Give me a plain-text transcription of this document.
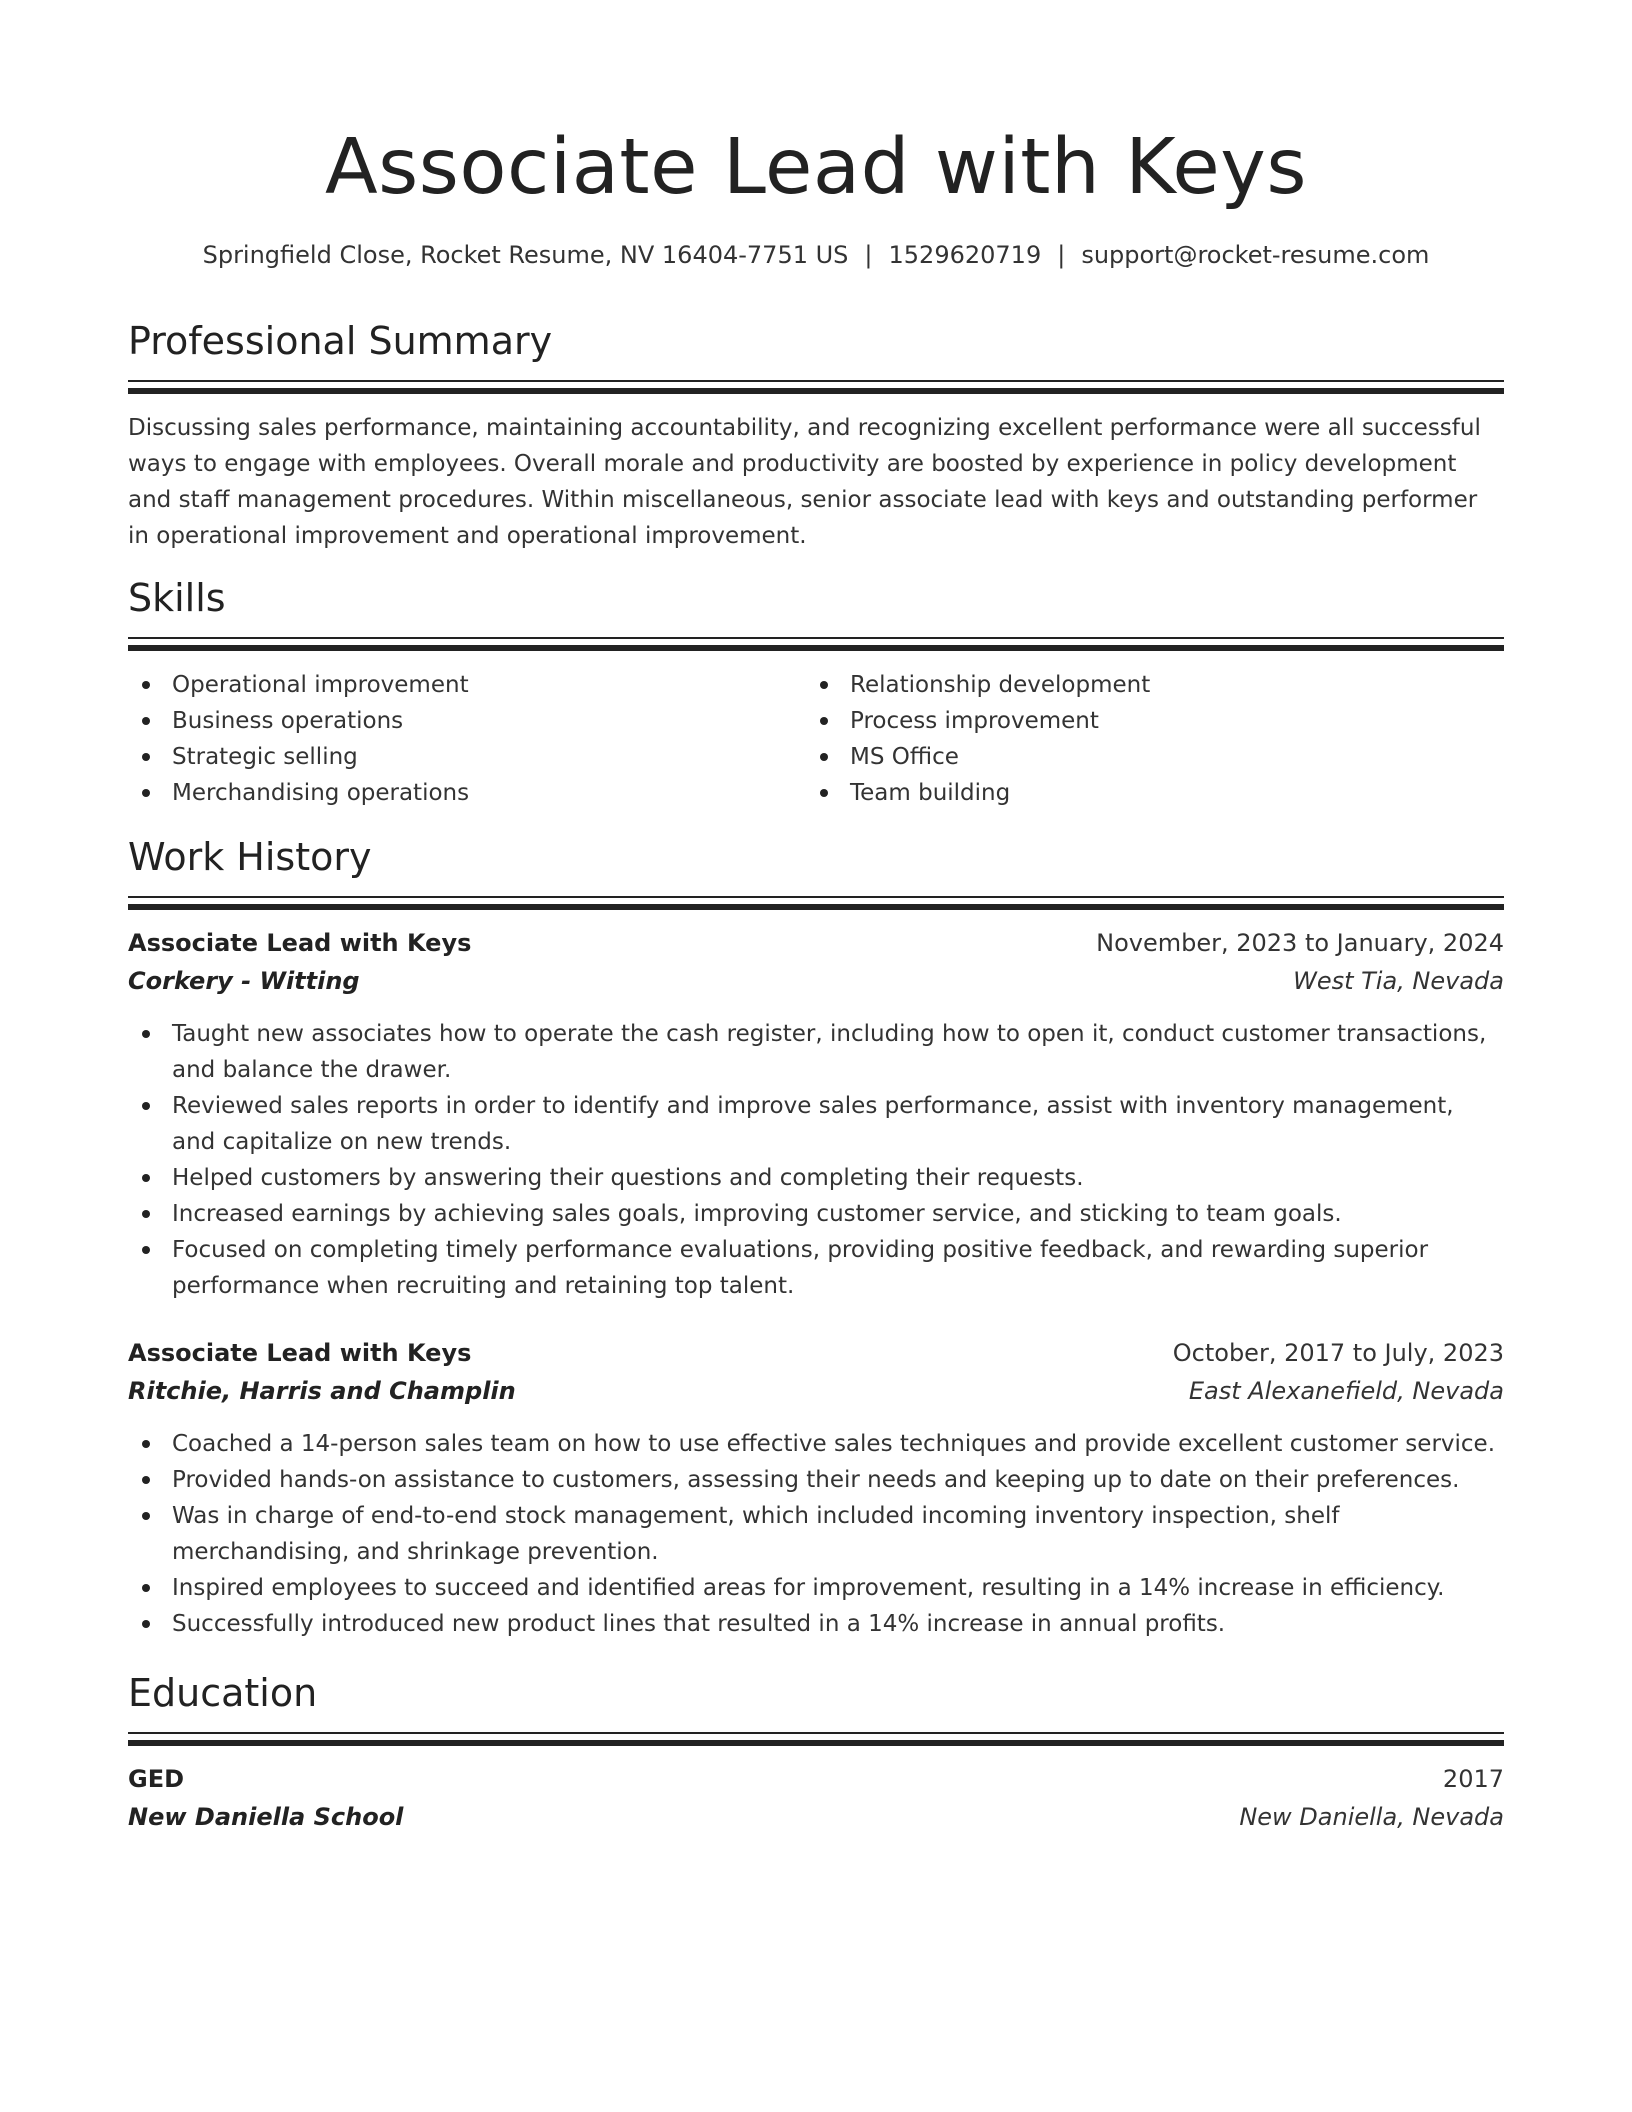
Associate Lead with Keys
Springfield Close, Rocket Resume, NV 16404-7751 US | 1529620719 | support@rocket-resume.com
Professional Summary

Discussing sales performance, maintaining accountability, and recognizing excellent performance were all successful ways to engage with employees. Overall morale and productivity are boosted by experience in policy development and staff management procedures. Within miscellaneous, senior associate lead with keys and outstanding performer in operational improvement and operational improvement.

Skills
Operational improvement
Business operations
Strategic selling
Merchandising operations
Relationship development
Process improvement
MS Office
Team building
Work History
Associate Lead with Keys	November, 2023 to January, 2024
Corkery - Witting	West Tia, Nevada
Taught new associates how to operate the cash register, including how to open it, conduct customer transactions, and balance the drawer.
Reviewed sales reports in order to identify and improve sales performance, assist with inventory management, and capitalize on new trends.
Helped customers by answering their questions and completing their requests.
Increased earnings by achieving sales goals, improving customer service, and sticking to team goals.
Focused on completing timely performance evaluations, providing positive feedback, and rewarding superior performance when recruiting and retaining top talent.
Associate Lead with Keys	October, 2017 to July, 2023
Ritchie, Harris and Champlin	East Alexanefield, Nevada
Coached a 14-person sales team on how to use effective sales techniques and provide excellent customer service.
Provided hands-on assistance to customers, assessing their needs and keeping up to date on their preferences.
Was in charge of end-to-end stock management, which included incoming inventory inspection, shelf merchandising, and shrinkage prevention.
Inspired employees to succeed and identified areas for improvement, resulting in a 14% increase in efficiency.
Successfully introduced new product lines that resulted in a 14% increase in annual profits.
Education
GED	2017
New Daniella School	New Daniella, Nevada
